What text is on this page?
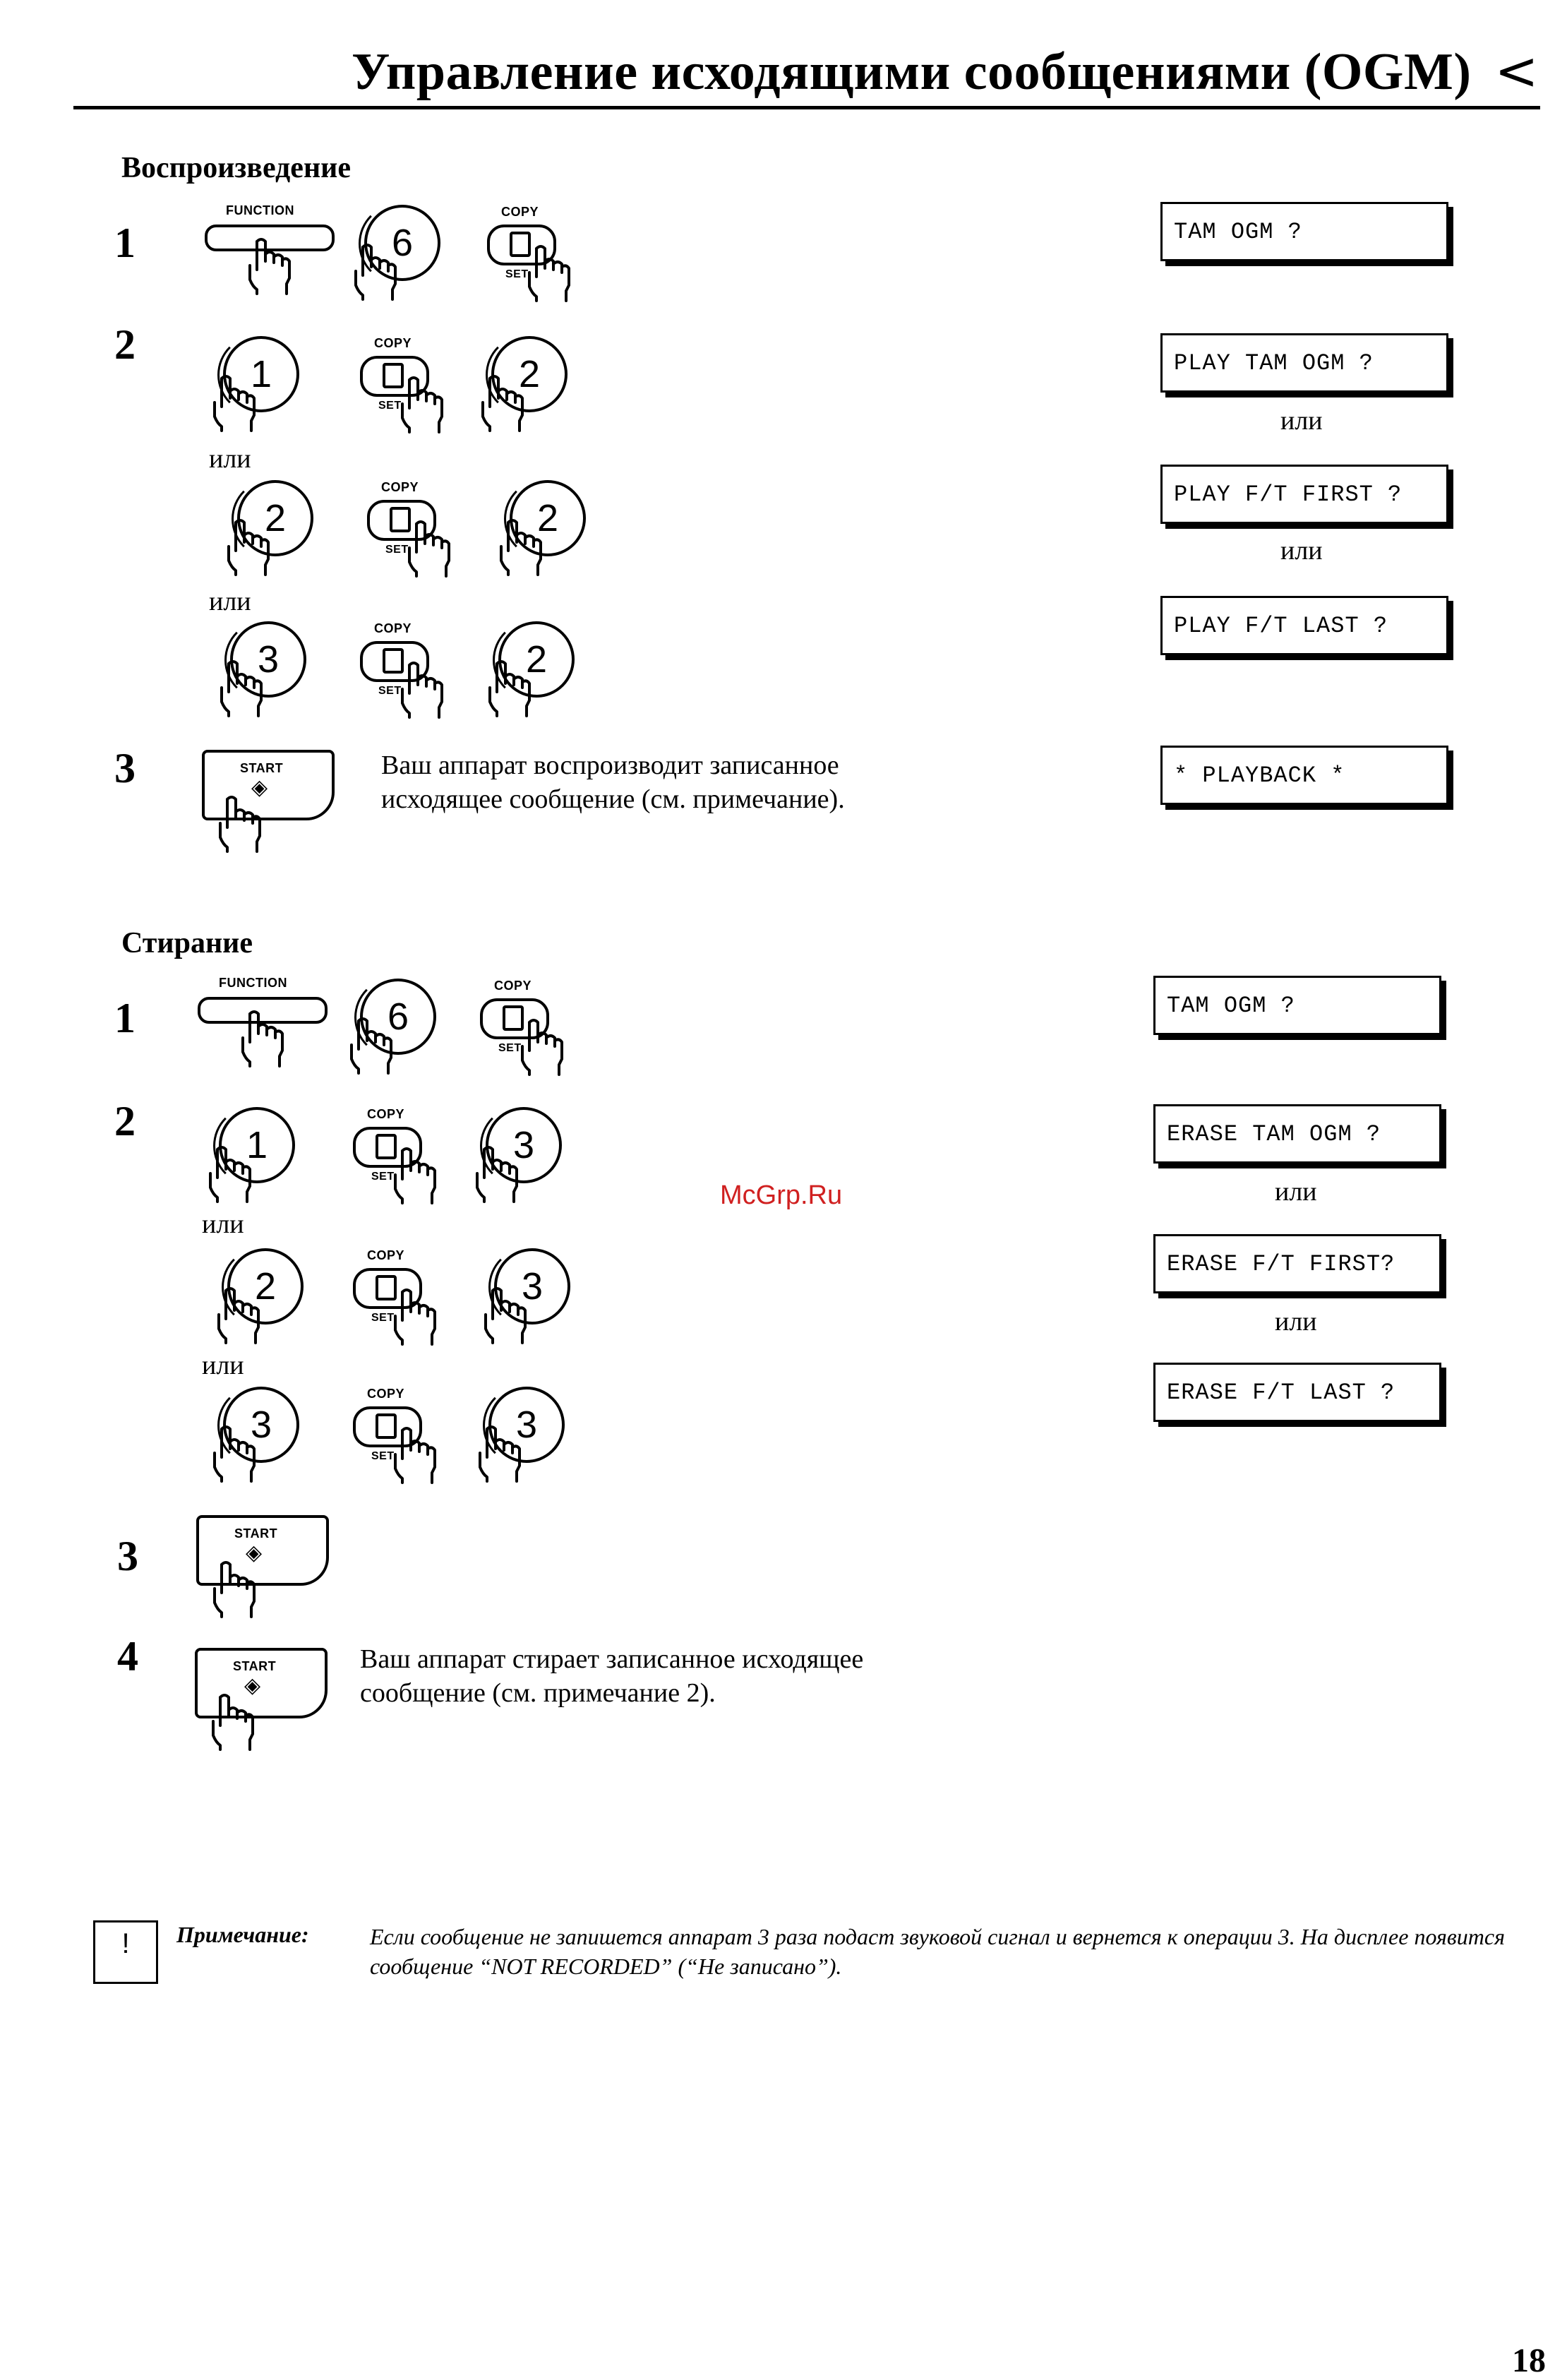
Управление исходящими сообщениями (OGM) <
Воспроизведение
1
FUNCTION
6
COPY
SET
TAM OGM ?
2
1
COPY
SET
2	PLAY TAM OGM ?
или
или
2
COPY
SET
2
PLAY F/T FIRST ?
или
или
3
COPY
SET
2
PLAY F/T LAST ?
3	START
◈
Ваш аппарат воспроизводит записанное исходящее сообщение (см. примечание).
* PLAYBACK *
Стирание
1
FUNCTION
6
COPY
SET
TAM OGM ?
2
1
COPY
SET
3	ERASE TAM OGM ?
или
или
2
COPY
SET
3
ERASE F/T FIRST?
или
или
3
COPY
SET
3
ERASE F/T LAST ?
3	START
◈
4	START
◈
Ваш аппарат стирает записанное исходящее сообщение (см. примечание 2).
McGrp.Ru
!	Примечание:	Если сообщение не запишется аппарат 3 раза подаст звуковой сигнал и вернется к операции 3. На дисплее появится сообщение “NOT RECORDED” (“Не записано”).
18
